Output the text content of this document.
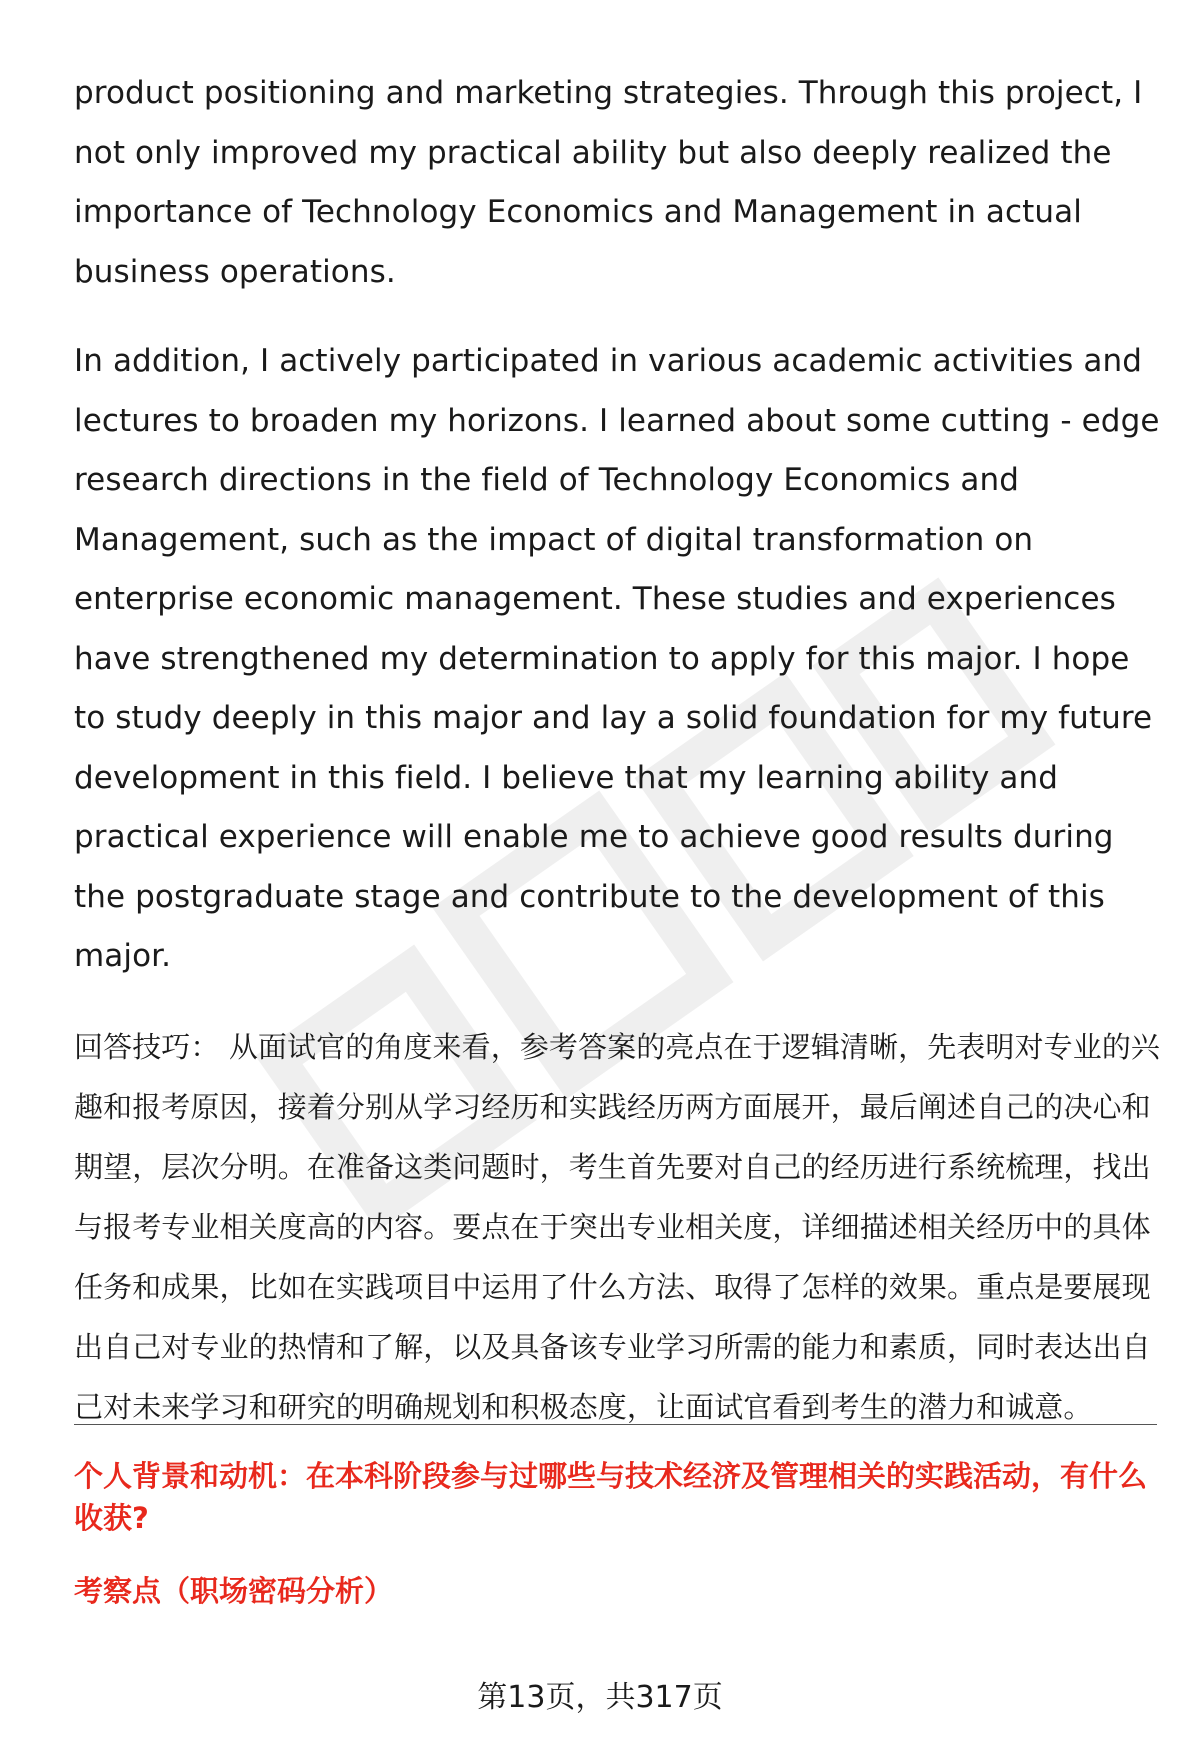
product positioning and marketing strategies. Through this project, I not only improved my practical ability but also deeply realized the importance of Technology Economics and Management in actual business operations.

In addition, I actively participated in various academic activities and lectures to broaden my horizons. I learned about some cutting - edge research directions in the field of Technology Economics and Management, such as the impact of digital transformation on enterprise economic management. These studies and experiences have strengthened my determination to apply for this major. I hope to study deeply in this major and lay a solid foundation for my future development in this field. I believe that my learning ability and practical experience will enable me to achieve good results during the postgraduate stage and contribute to the development of this major.

回答技巧： 从面试官的角度来看，参考答案的亮点在于逻辑清晰，先表明对专业的兴趣和报考原因，接着分别从学习经历和实践经历两方面展开，最后阐述自己的决心和期望，层次分明。在准备这类问题时，考生首先要对自己的经历进行系统梳理，找出与报考专业相关度高的内容。要点在于突出专业相关度，详细描述相关经历中的具体任务和成果，比如在实践项目中运用了什么方法、取得了怎样的效果。重点是要展现出自己对专业的热情和了解，以及具备该专业学习所需的能力和素质，同时表达出自己对未来学习和研究的明确规划和积极态度，让面试官看到考生的潜力和诚意。

个人背景和动机：在本科阶段参与过哪些与技术经济及管理相关的实践活动，有什么收获?

考察点（职场密码分析）

第13页，共317页
